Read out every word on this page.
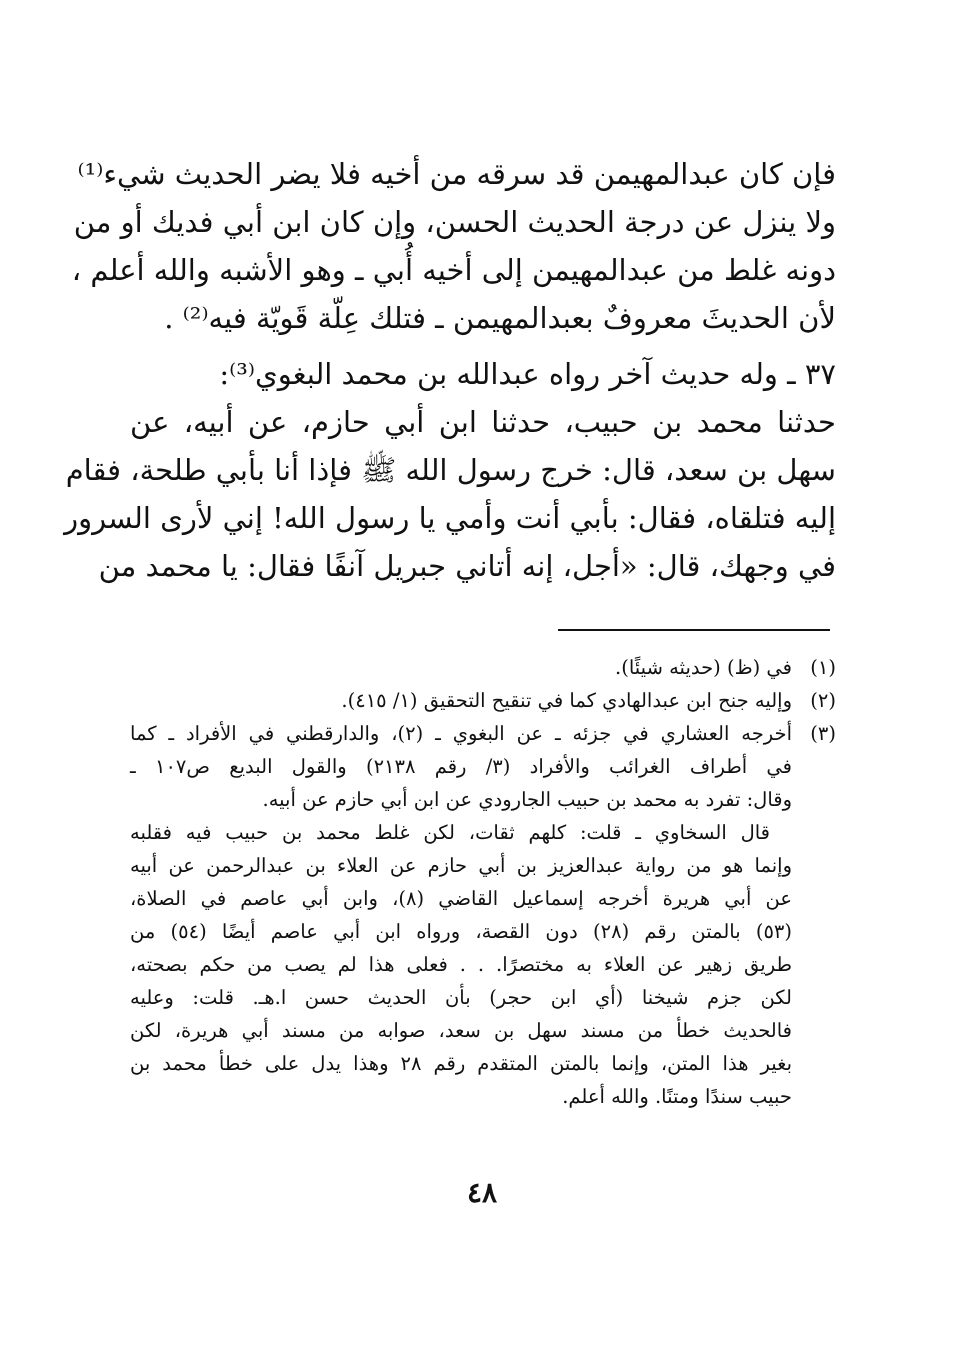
فإن كان عبدالمهيمن قد سرقه من أخيه فلا يضر الحديث شيء⁽¹⁾
ولا ينزل عن درجة الحديث الحسن، وإن كان ابن أبي فديك أو من
دونه غلط من عبدالمهيمن إلى أخيه أُبي ـ وهو الأشبه والله أعلم ،
لأن الحديثَ معروفٌ بعبدالمهيمن ـ فتلك عِلّة قَويّة فيه⁽²⁾ .
٣٧ ـ وله حديث آخر رواه عبدالله بن محمد البغوي⁽³⁾:
حدثنا محمد بن حبيب، حدثنا ابن أبي حازم، عن أبيه، عن
سهل بن سعد، قال: خرج رسول الله ﷺ فإذا أنا بأبي طلحة، فقام
إليه فتلقاه، فقال: بأبي أنت وأمي يا رسول الله! إني لأرى السرور
في وجهك، قال: «أجل، إنه أتاني جبريل آنفًا فقال: يا محمد من
(١)
في (ظ) (حديثه شيئًا).
(٢)
وإليه جنح ابن عبدالهادي كما في تنقيح التحقيق (١/ ٤١٥).
(٣)
أخرجه العشاري في جزئه ـ عن البغوي ـ (٢)، والدارقطني في الأفراد ـ كما
في أطراف الغرائب والأفراد (٣/ رقم ٢١٣٨) والقول البديع ص١٠٧ ـ
وقال: تفرد به محمد بن حبيب الجارودي عن ابن أبي حازم عن أبيه.
قال السخاوي ـ قلت: كلهم ثقات، لكن غلط محمد بن حبيب فيه فقلبه
وإنما هو من رواية عبدالعزيز بن أبي حازم عن العلاء بن عبدالرحمن عن أبيه
عن أبي هريرة أخرجه إسماعيل القاضي (٨)، وابن أبي عاصم في الصلاة،
(٥٣) بالمتن رقم (٢٨) دون القصة، ورواه ابن أبي عاصم أيضًا (٥٤) من
طريق زهير عن العلاء به مختصرًا. . . فعلى هذا لم يصب من حكم بصحته،
لكن جزم شيخنا (أي ابن حجر) بأن الحديث حسن ا.هـ. قلت: وعليه
فالحديث خطأ من مسند سهل بن سعد، صوابه من مسند أبي هريرة، لكن
بغير هذا المتن، وإنما بالمتن المتقدم رقم ٢٨ وهذا يدل على خطأ محمد بن
حبيب سندًا ومتنًا. والله أعلم.
٤٨
